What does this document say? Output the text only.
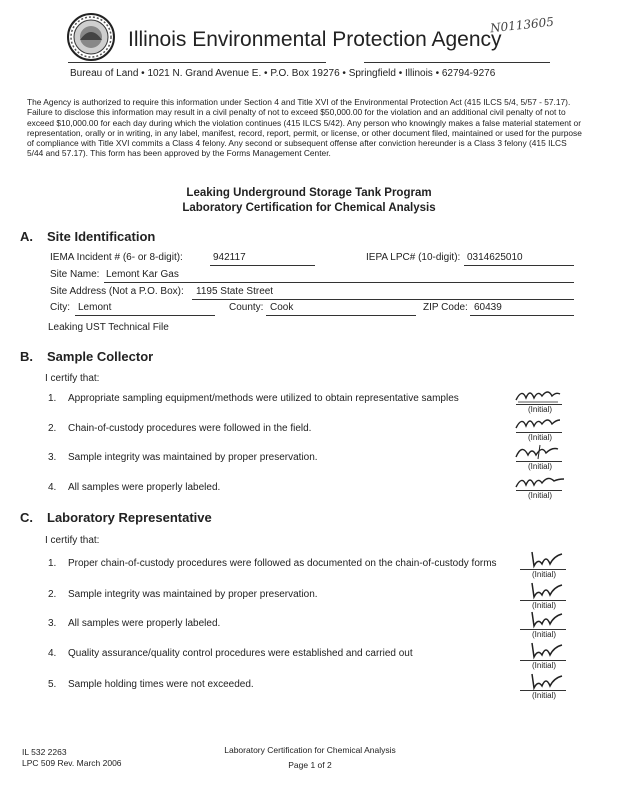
N0113605
Illinois Environmental Protection Agency
Bureau of Land • 1021 N. Grand Avenue E. • P.O. Box 19276 • Springfield • Illinois • 62794-9276
The Agency is authorized to require this information under Section 4 and Title XVI of the Environmental Protection Act (415 ILCS 5/4, 5/57 - 57.17). Failure to disclose this information may result in a civil penalty of not to exceed $50,000.00 for the violation and an additional civil penalty of not to exceed $10,000.00 for each day during which the violation continues (415 ILCS 5/42). Any person who knowingly makes a false material statement or representation, orally or in writing, in any label, manifest, record, report, permit, or license, or other document filed, maintained or used for the purpose of compliance with Title XVI commits a Class 4 felony. Any second or subsequent offense after conviction hereunder is a Class 3 felony (415 ILCS 5/44 and 57.17). This form has been approved by the Forms Management Center.
Leaking Underground Storage Tank Program
Laboratory Certification for Chemical Analysis
A. Site Identification
IEMA Incident # (6- or 8-digit):	942117	IEPA LPC# (10-digit): 0314625010
Site Name: Lemont Kar Gas
Site Address (Not a P.O. Box): 1195 State Street
City: Lemont	County: Cook	ZIP Code: 60439
Leaking UST Technical File
B. Sample Collector
I certify that:
1. Appropriate sampling equipment/methods were utilized to obtain representative samples
2. Chain-of-custody procedures were followed in the field.
3. Sample integrity was maintained by proper preservation.
4. All samples were properly labeled.
(Initial)
(Initial)
(Initial)
(Initial)
C. Laboratory Representative
I certify that:
1. Proper chain-of-custody procedures were followed as documented on the chain-of-custody forms
2. Sample integrity was maintained by proper preservation.
3. All samples were properly labeled.
4. Quality assurance/quality control procedures were established and carried out
5. Sample holding times were not exceeded.
(Initial)
(Initial)
(Initial)
(Initial)
(Initial)
IL 532 2263
LPC 509 Rev. March 2006
Laboratory Certification for Chemical Analysis
Page 1 of 2
